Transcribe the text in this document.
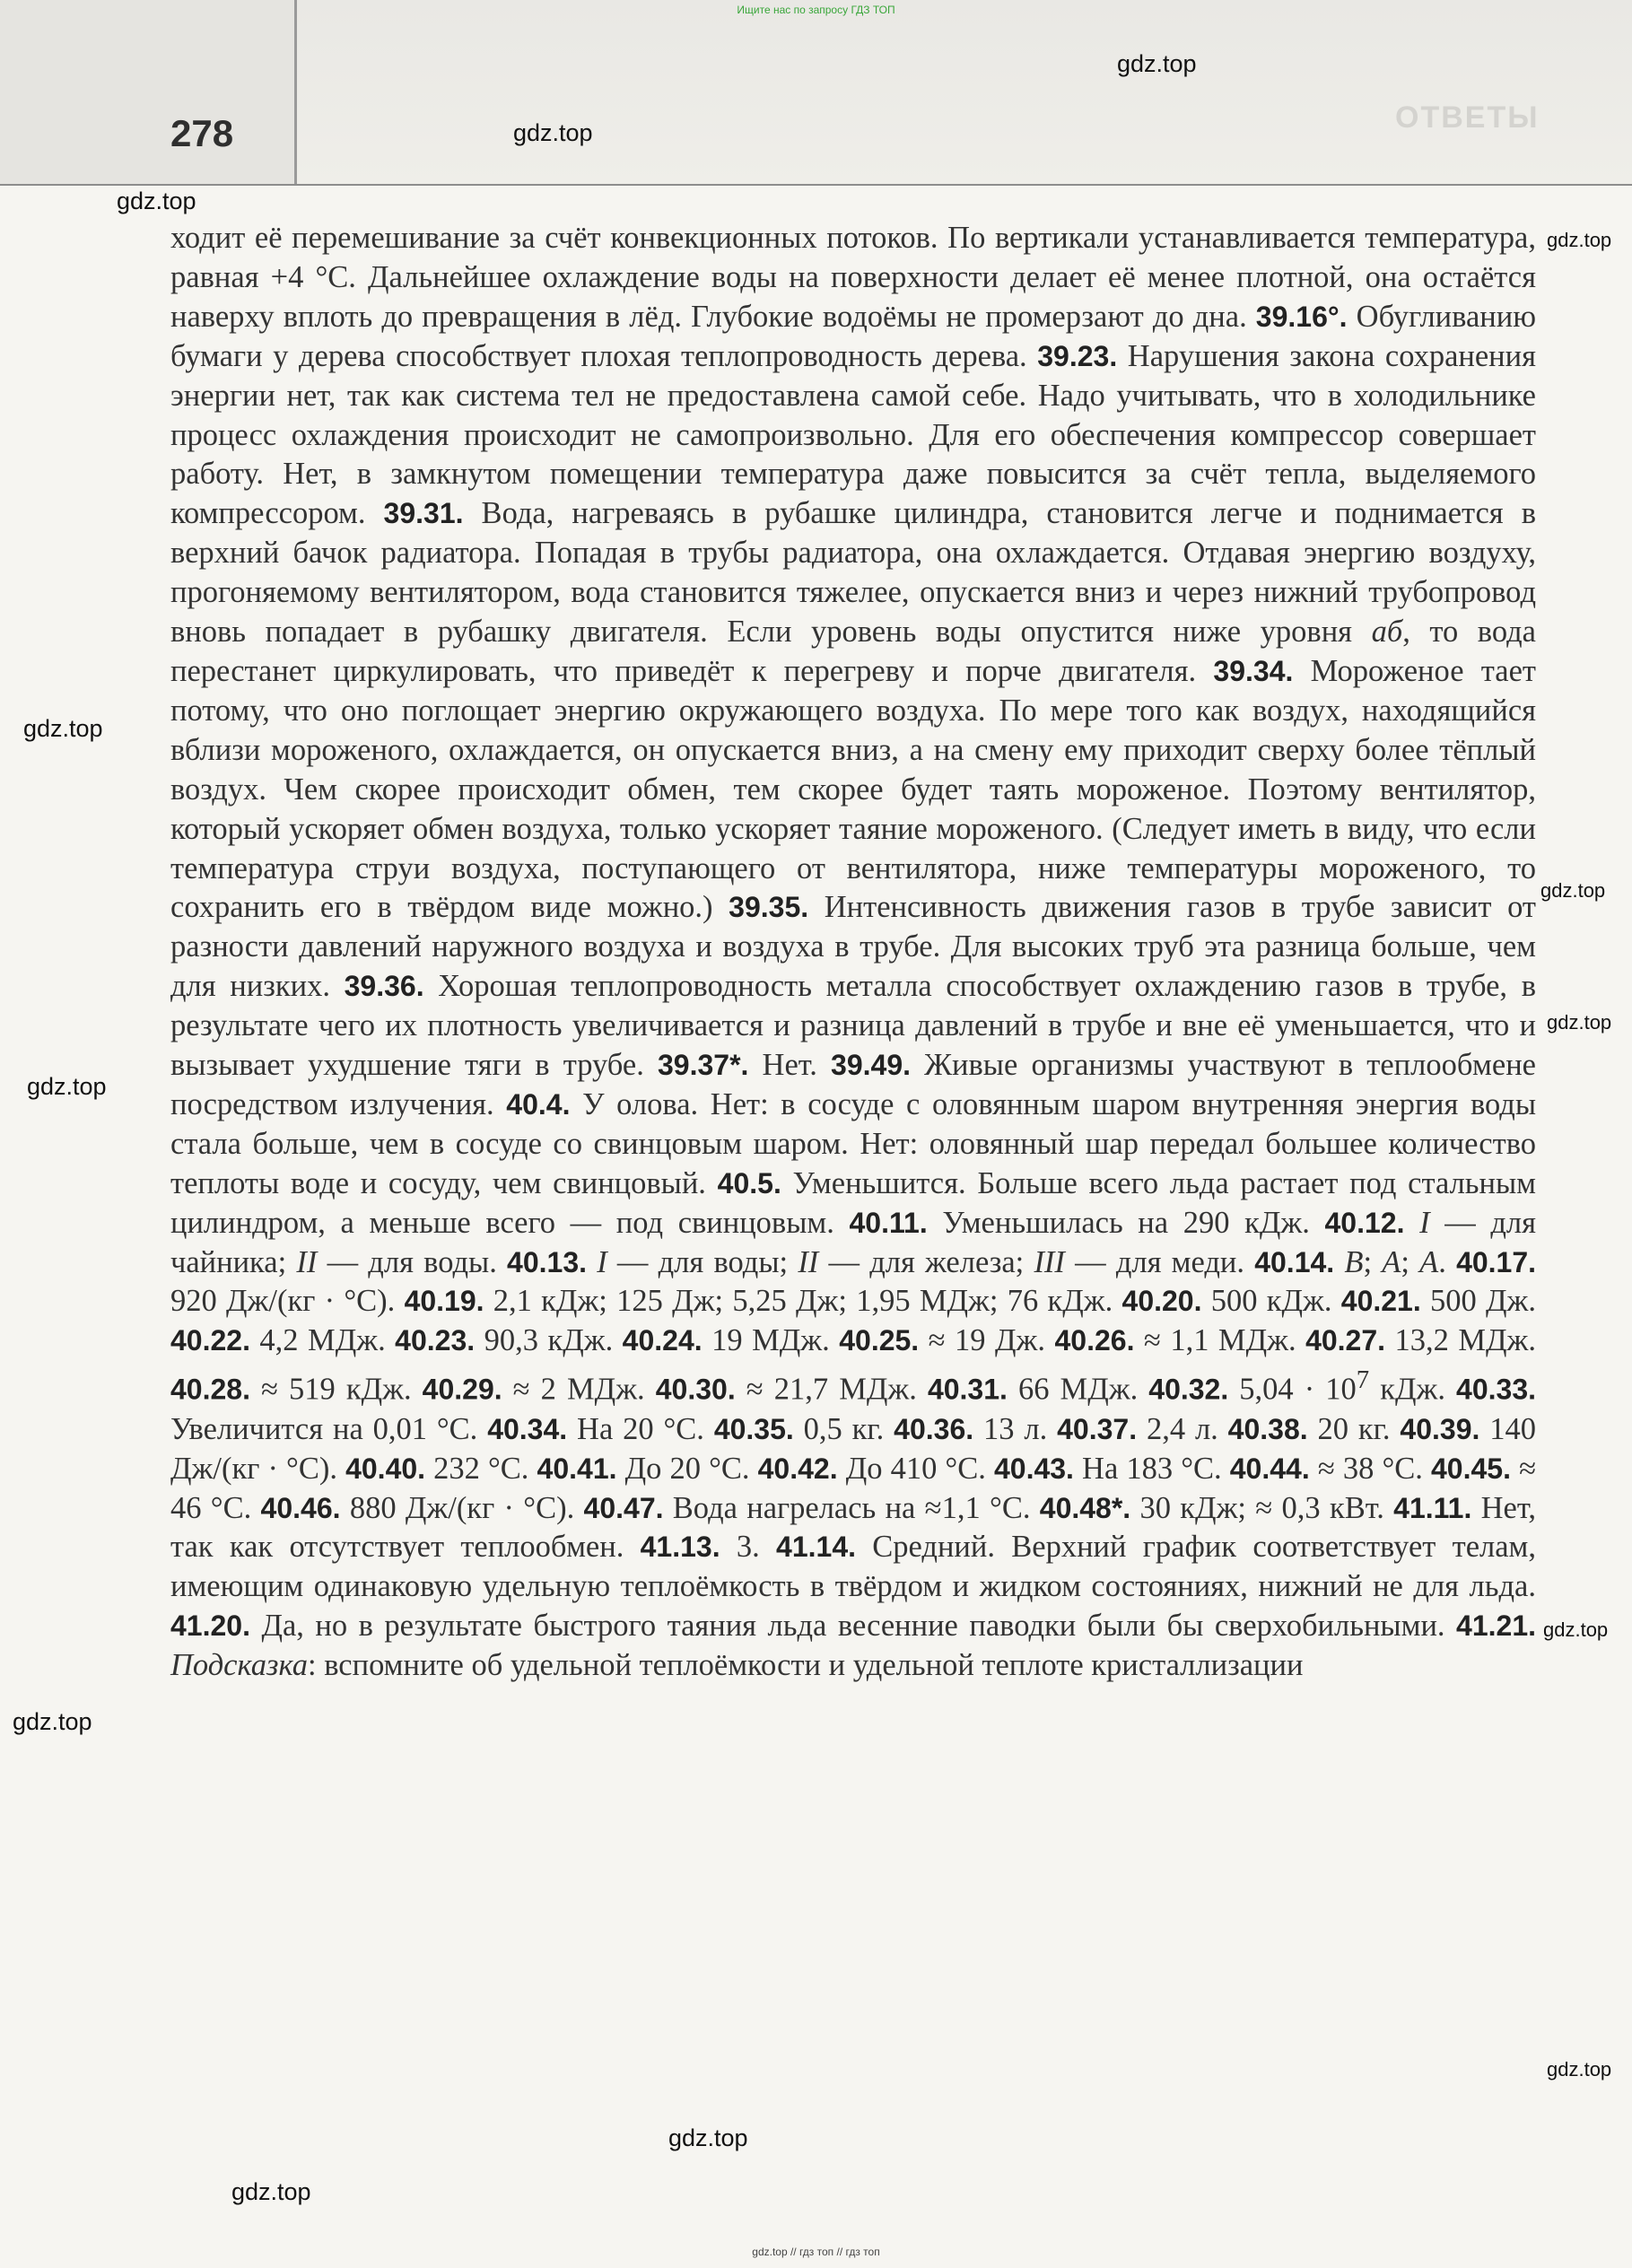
278	ОТВЕТЫ
Ищите нас по запросу ГДЗ ТОП
gdz.top
gdz.top
gdz.top
gdz.top
gdz.top
gdz.top
gdz.top
gdz.top
gdz.top
gdz.top
gdz.top
gdz.top
gdz.top

ходит её перемешивание за счёт конвекционных потоков. По вертикали устанавливается температура, равная +4 °C. Дальнейшее охлаждение воды на поверхности делает её менее плотной, она остаётся наверху вплоть до превращения в лёд. Глубокие водоёмы не промерзают до дна. 39.16°. Обугливанию бумаги у дерева способствует плохая теплопроводность дерева. 39.23. Нарушения закона сохранения энергии нет, так как система тел не предоставлена самой себе. Надо учитывать, что в холодильнике процесс охлаждения происходит не самопроизвольно. Для его обеспечения компрессор совершает работу. Нет, в замкнутом помещении температура даже повысится за счёт тепла, выделяемого компрессором. 39.31. Вода, нагреваясь в рубашке цилиндра, становится легче и поднимается в верхний бачок радиатора. Попадая в трубы радиатора, она охлаждается. Отдавая энергию воздуху, прогоняемому вентилятором, вода становится тяжелее, опускается вниз и через нижний трубопровод вновь попадает в рубашку двигателя. Если уровень воды опустится ниже уровня аб, то вода перестанет циркулировать, что приведёт к перегреву и порче двигателя. 39.34. Мороженое тает потому, что оно поглощает энергию окружающего воздуха. По мере того как воздух, находящийся вблизи мороженого, охлаждается, он опускается вниз, а на смену ему приходит сверху более тёплый воздух. Чем скорее происходит обмен, тем скорее будет таять мороженое. Поэтому вентилятор, который ускоряет обмен воздуха, только ускоряет таяние мороженого. (Следует иметь в виду, что если температура струи воздуха, поступающего от вентилятора, ниже температуры мороженого, то сохранить его в твёрдом виде можно.) 39.35. Интенсивность движения газов в трубе зависит от разности давлений наружного воздуха и воздуха в трубе. Для высоких труб эта разница больше, чем для низких. 39.36. Хорошая теплопроводность металла способствует охлаждению газов в трубе, в результате чего их плотность увеличивается и разница давлений в трубе и вне её уменьшается, что и вызывает ухудшение тяги в трубе. 39.37*. Нет. 39.49. Живые организмы участвуют в теплообмене посредством излучения. 40.4. У олова. Нет: в сосуде с оловянным шаром внутренняя энергия воды стала больше, чем в сосуде со свинцовым шаром. Нет: оловянный шар передал большее количество теплоты воде и сосуду, чем свинцовый. 40.5. Уменьшится. Больше всего льда растает под стальным цилиндром, а меньше всего — под свинцовым. 40.11. Уменьшилась на 290 кДж. 40.12. I — для чайника; II — для воды. 40.13. I — для воды; II — для железа; III — для меди. 40.14. В; А; А. 40.17. 920 Дж/(кг · °C). 40.19. 2,1 кДж; 125 Дж; 5,25 Дж; 1,95 МДж; 76 кДж. 40.20. 500 кДж. 40.21. 500 Дж. 40.22. 4,2 МДж. 40.23. 90,3 кДж. 40.24. 19 МДж. 40.25. ≈ 19 Дж. 40.26. ≈ 1,1 МДж. 40.27. 13,2 МДж. 40.28. ≈ 519 кДж. 40.29. ≈ 2 МДж. 40.30. ≈ 21,7 МДж. 40.31. 66 МДж. 40.32. $5,04 \cdot 10^7$ кДж. 40.33. Увеличится на 0,01 °C. 40.34. На 20 °C. 40.35. 0,5 кг. 40.36. 13 л. 40.37. 2,4 л. 40.38. 20 кг. 40.39. 140 Дж/(кг · °C). 40.40. 232 °C. 40.41. До 20 °C. 40.42. До 410 °C. 40.43. На 183 °C. 40.44. ≈ 38 °C. 40.45. ≈ 46 °C. 40.46. 880 Дж/(кг · °C). 40.47. Вода нагрелась на ≈1,1 °C. 40.48*. 30 кДж; ≈ 0,3 кВт. 41.11. Нет, так как отсутствует теплообмен. 41.13. 3. 41.14. Средний. Верхний график соответствует телам, имеющим одинаковую удельную теплоёмкость в твёрдом и жидком состояниях, нижний не для льда. 41.20. Да, но в результате быстрого таяния льда весенние паводки были бы сверхобильными. 41.21. Подсказка: вспомните об удельной теплоёмкости и удельной теплоте кристаллизации

gdz.top // гдз топ // гдз топ
